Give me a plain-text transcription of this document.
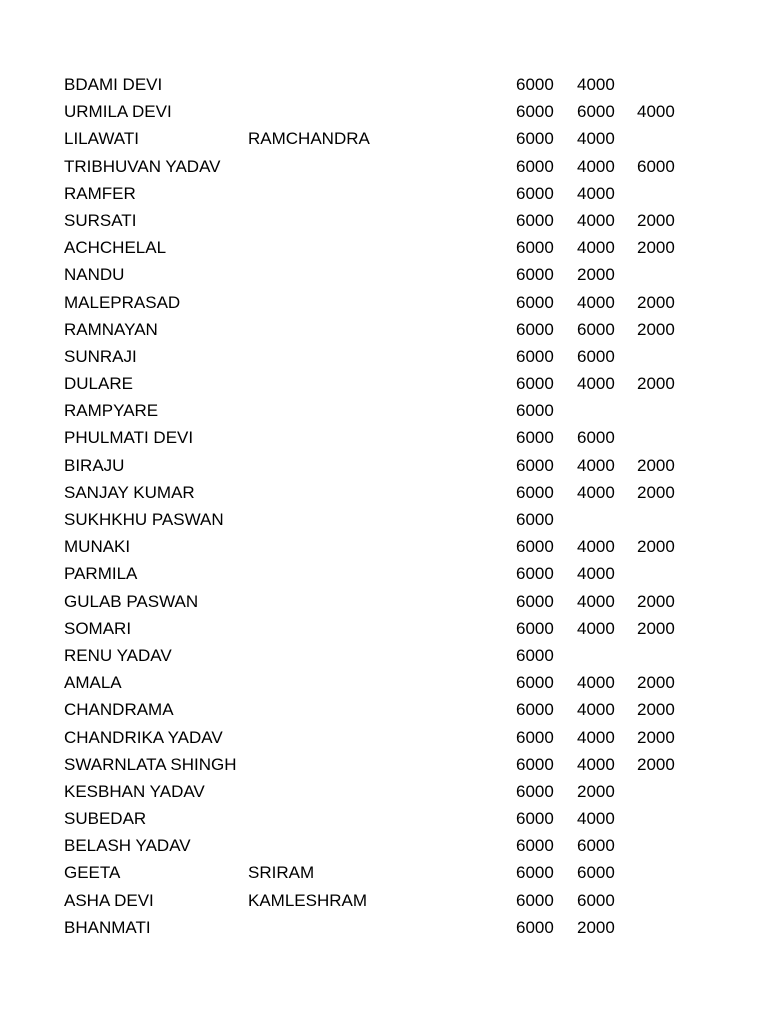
BDAMI DEVI	6000 4000
URMILA DEVI	6000 6000 4000
LILAWATI	RAMCHANDRA	6000 4000
TRIBHUVAN YADAV	6000 4000 6000
RAMFER	6000 4000
SURSATI	6000 4000 2000
ACHCHELAL	6000 4000 2000
NANDU	6000 2000
MALEPRASAD	6000 4000 2000
RAMNAYAN	6000 6000 2000
SUNRAJI	6000 6000
DULARE	6000 4000 2000
RAMPYARE	6000
PHULMATI DEVI	6000 6000
BIRAJU	6000 4000 2000
SANJAY KUMAR	6000 4000 2000
SUKHKHU PASWAN	6000
MUNAKI	6000 4000 2000
PARMILA	6000 4000
GULAB PASWAN	6000 4000 2000
SOMARI	6000 4000 2000
RENU YADAV	6000
AMALA	6000 4000 2000
CHANDRAMA	6000 4000 2000
CHANDRIKA YADAV	6000 4000 2000
SWARNLATA SHINGH	6000 4000 2000
KESBHAN YADAV	6000 2000
SUBEDAR	6000 4000
BELASH YADAV	6000 6000
GEETA	SRIRAM	6000 6000
ASHA DEVI	KAMLESHRAM	6000 6000
BHANMATI	6000 2000
